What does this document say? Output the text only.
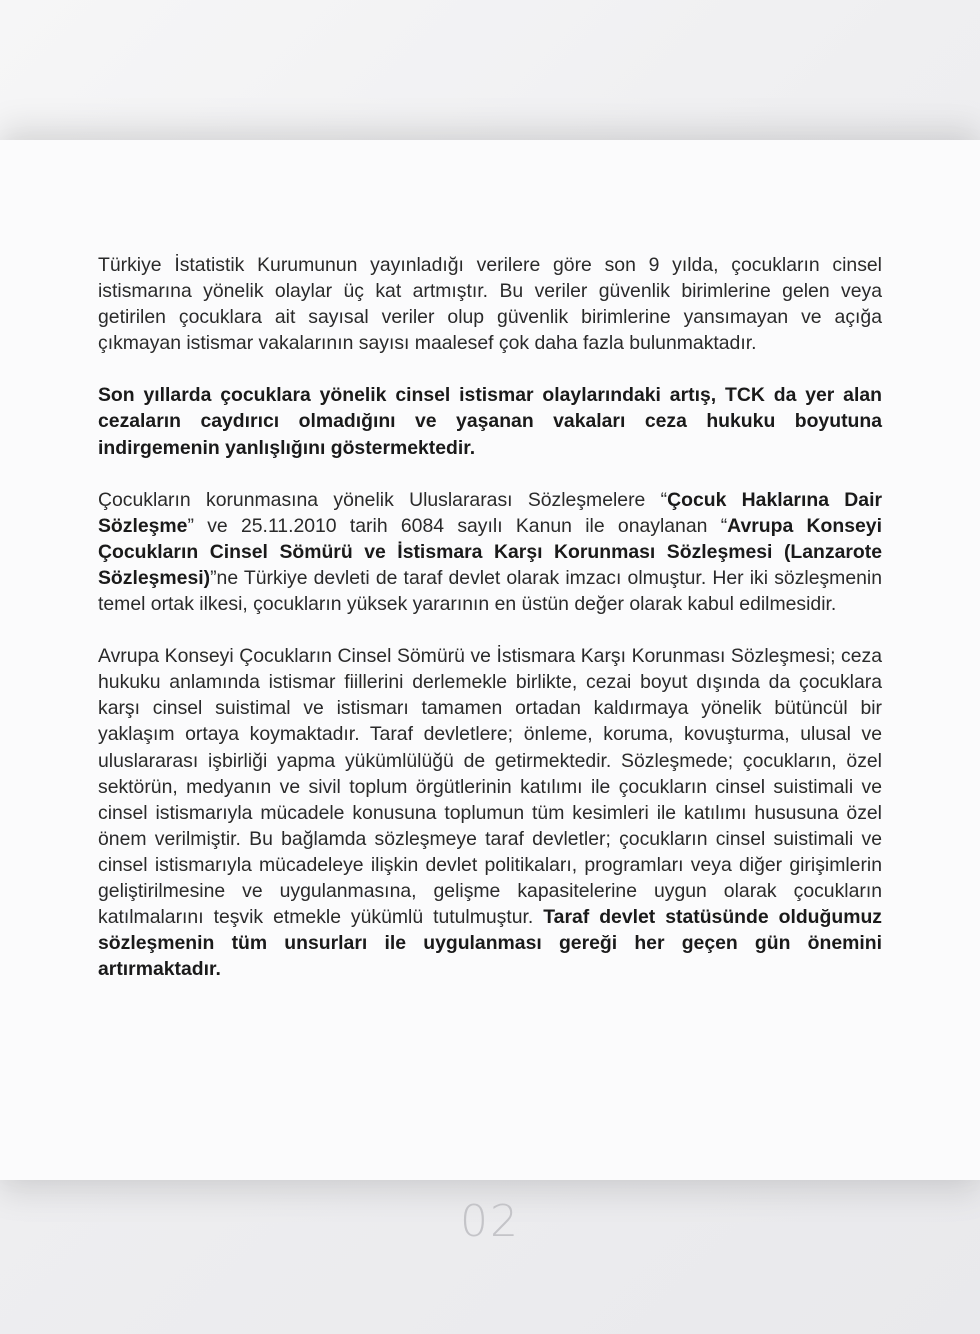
Türkiye İstatistik Kurumunun yayınladığı verilere göre son 9 yılda, çocukların cinsel istismarına yönelik olaylar üç kat artmıştır. Bu veriler güvenlik birimlerine gelen veya getirilen çocuklara ait sayısal veriler olup güvenlik birimlerine yansımayan ve açığa çıkmayan istismar vakalarının sayısı maalesef çok daha fazla bulunmaktadır.

Son yıllarda çocuklara yönelik cinsel istismar olaylarındaki artış, TCK da yer alan cezaların caydırıcı olmadığını ve yaşanan vakaları ceza hukuku boyutuna indirgemenin yanlışlığını göstermektedir.

Çocukların korunmasına yönelik Uluslararası Sözleşmelere “Çocuk Haklarına Dair Sözleşme” ve 25.11.2010 tarih 6084 sayılı Kanun ile onaylanan “Avrupa Konseyi Çocukların Cinsel Sömürü ve İstismara Karşı Korunması Sözleşmesi (Lanzarote Sözleşmesi)”ne Türkiye devleti de taraf devlet olarak imzacı olmuştur. Her iki sözleşmenin temel ortak ilkesi, çocukların yüksek yararının en üstün değer olarak kabul edilmesidir.

Avrupa Konseyi Çocukların Cinsel Sömürü ve İstismara Karşı Korunması Sözleşmesi; ceza hukuku anlamında istismar fiillerini derlemekle birlikte, cezai boyut dışında da çocuklara karşı cinsel suistimal ve istismarı tamamen ortadan kaldırmaya yönelik bütüncül bir yaklaşım ortaya koymaktadır. Taraf devletlere; önleme, koruma, kovuşturma, ulusal ve uluslararası işbirliği yapma yükümlülüğü de getirmektedir. Sözleşmede; çocukların, özel sektörün, medyanın ve sivil toplum örgütlerinin katılımı ile çocukların cinsel suistimali ve cinsel istismarıyla mücadele konusuna toplumun tüm kesimleri ile katılımı hususuna özel önem verilmiştir. Bu bağlamda sözleşmeye taraf devletler; çocukların cinsel suistimali ve cinsel istismarıyla mücadeleye ilişkin devlet politikaları, programları veya diğer girişimlerin geliştirilmesine ve uygulanmasına, gelişme kapasitelerine uygun olarak çocukların katılmalarını teşvik etmekle yükümlü tutulmuştur. Taraf devlet statüsünde olduğumuz sözleşmenin tüm unsurları ile uygulanması gereği her geçen gün önemini artırmaktadır.

02
